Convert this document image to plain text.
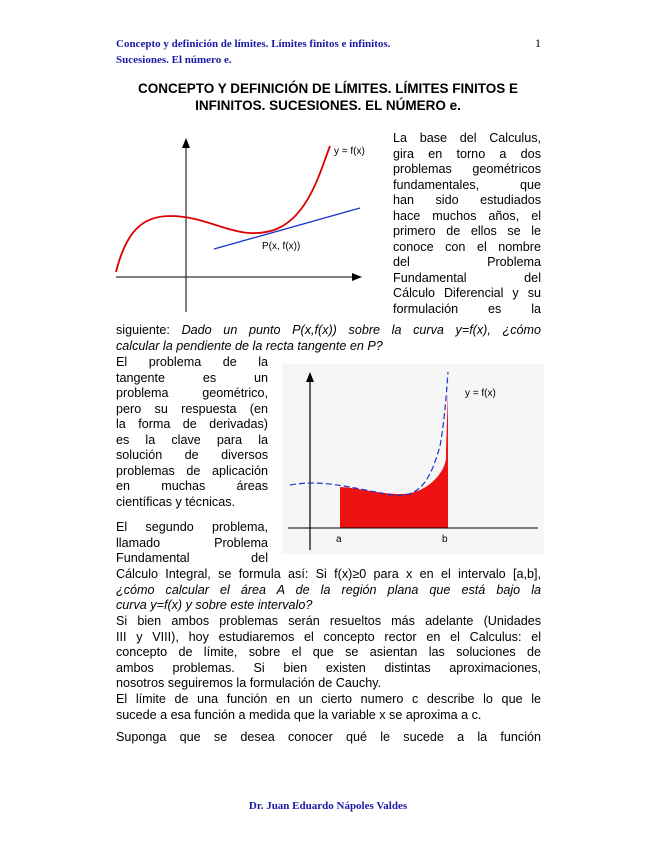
Concepto y definición de límites. Límites finitos e infinitos.
Sucesiones. El número e.
1
CONCEPTO Y DEFINICIÓN DE LÍMITES. LÍMITES FINITOS E
INFINITOS. SUCESIONES. EL NÚMERO e.
y = f(x)
P(x, f(x))
La base del Calculus,
gira en torno a dos
problemas geométricos
fundamentales, que
han sido estudiados
hace muchos años, el
primero de ellos se le
conoce con el nombre
del Problema
Fundamental del
Cálculo Diferencial y su
formulación es la
siguiente: Dado un punto P(x,f(x)) sobre la curva y=f(x), ¿cómo
calcular la pendiente de la recta tangente en P?
El problema de la
tangente es un
problema geométrico,
pero su respuesta (en
la forma de derivadas)
es la clave para la
solución de diversos
problemas de aplicación
en muchas áreas
científicas y técnicas.
y = f(x)
a	b
El segundo problema,
llamado Problema
Fundamental del
Cálculo Integral, se formula así: Si f(x)≥0 para x en el intervalo [a,b],
¿cómo calcular el área A de la región plana que está bajo la
curva y=f(x) y sobre este intervalo?
Si bien ambos problemas serán resueltos más adelante (Unidades
III y VIII), hoy estudiaremos el concepto rector en el Calculus: el
concepto de límite, sobre el que se asientan las soluciones de
ambos problemas. Si bien existen distintas aproximaciones,
nosotros seguiremos la formulación de Cauchy.
El límite de una función en un cierto numero c describe lo que le
sucede a esa función a medida que la variable x se aproxima a c.
Suponga que se desea conocer qué le sucede a la función
Dr. Juan Eduardo Nápoles Valdes
